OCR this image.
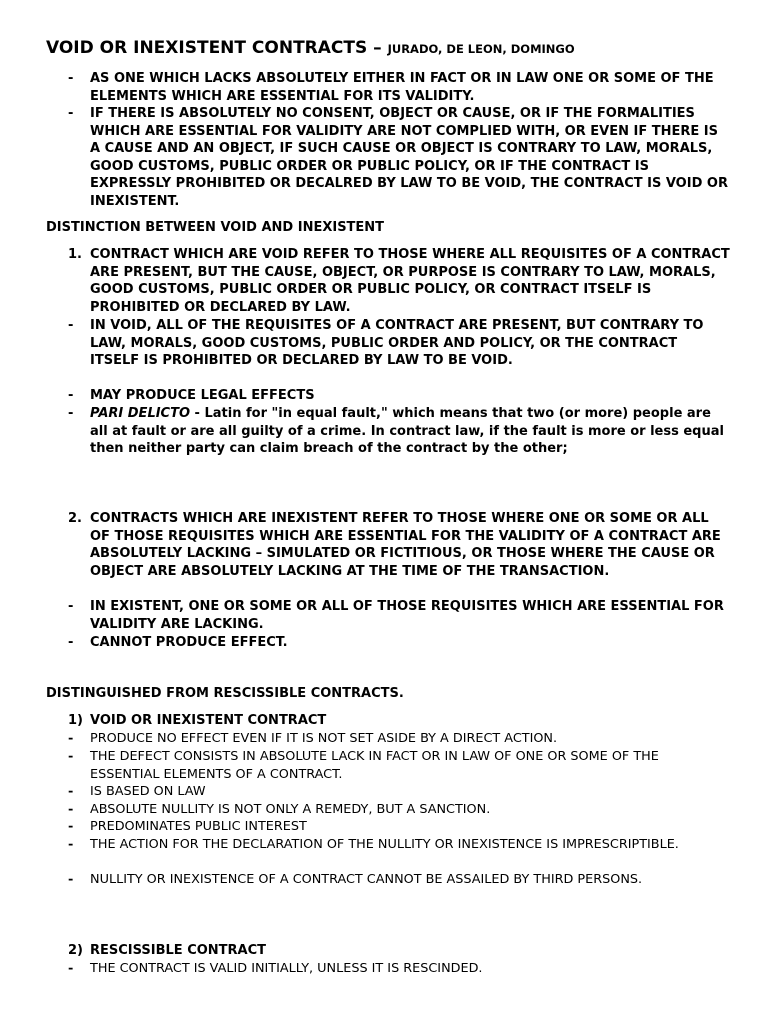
VOID OR INEXISTENT CONTRACTS – JURADO, DE LEON, DOMINGO
- AS ONE WHICH LACKS ABSOLUTELY EITHER IN FACT OR IN LAW ONE OR SOME OF THE ELEMENTS WHICH ARE ESSENTIAL FOR ITS VALIDITY.
- IF THERE IS ABSOLUTELY NO CONSENT, OBJECT OR CAUSE, OR IF THE FORMALITIES WHICH ARE ESSENTIAL FOR VALIDITY ARE NOT COMPLIED WITH, OR EVEN IF THERE IS A CAUSE AND AN OBJECT, IF SUCH CAUSE OR OBJECT IS CONTRARY TO LAW, MORALS, GOOD CUSTOMS, PUBLIC ORDER OR PUBLIC POLICY, OR IF THE CONTRACT IS EXPRESSLY PROHIBITED OR DECALRED BY LAW TO BE VOID, THE CONTRACT IS VOID OR INEXISTENT.
DISTINCTION BETWEEN VOID AND INEXISTENT
1. CONTRACT WHICH ARE VOID REFER TO THOSE WHERE ALL REQUISITES OF A CONTRACT ARE PRESENT, BUT THE CAUSE, OBJECT, OR PURPOSE IS CONTRARY TO LAW, MORALS, GOOD CUSTOMS, PUBLIC ORDER OR PUBLIC POLICY, OR CONTRACT ITSELF IS PROHIBITED OR DECLARED BY LAW.
- IN VOID, ALL OF THE REQUISITES OF A CONTRACT ARE PRESENT, BUT CONTRARY TO LAW, MORALS, GOOD CUSTOMS, PUBLIC ORDER AND POLICY, OR THE CONTRACT ITSELF IS PROHIBITED OR DECLARED BY LAW TO BE VOID.
- MAY PRODUCE LEGAL EFFECTS
- PARI DELICTO - Latin for "in equal fault," which means that two (or more) people are all at fault or are all guilty of a crime. In contract law, if the fault is more or less equal then neither party can claim breach of the contract by the other;
2. CONTRACTS WHICH ARE INEXISTENT REFER TO THOSE WHERE ONE OR SOME OR ALL OF THOSE REQUISITES WHICH ARE ESSENTIAL FOR THE VALIDITY OF A CONTRACT ARE ABSOLUTELY LACKING – SIMULATED OR FICTITIOUS, OR THOSE WHERE THE CAUSE OR OBJECT ARE ABSOLUTELY LACKING AT THE TIME OF THE TRANSACTION.
- IN EXISTENT, ONE OR SOME OR ALL OF THOSE REQUISITES WHICH ARE ESSENTIAL FOR VALIDITY ARE LACKING.
- CANNOT PRODUCE EFFECT.
DISTINGUISHED FROM RESCISSIBLE CONTRACTS.
1) VOID OR INEXISTENT CONTRACT
- PRODUCE NO EFFECT EVEN IF IT IS NOT SET ASIDE BY A DIRECT ACTION.
- THE DEFECT CONSISTS IN ABSOLUTE LACK IN FACT OR IN LAW OF ONE OR SOME OF THE ESSENTIAL ELEMENTS OF A CONTRACT.
- IS BASED ON LAW
- ABSOLUTE NULLITY IS NOT ONLY A REMEDY, BUT A SANCTION.
- PREDOMINATES PUBLIC INTEREST
- THE ACTION FOR THE DECLARATION OF THE NULLITY OR INEXISTENCE IS IMPRESCRIPTIBLE.
- NULLITY OR INEXISTENCE OF A CONTRACT CANNOT BE ASSAILED BY THIRD PERSONS.
2) RESCISSIBLE CONTRACT
- THE CONTRACT IS VALID INITIALLY, UNLESS IT IS RESCINDED.
